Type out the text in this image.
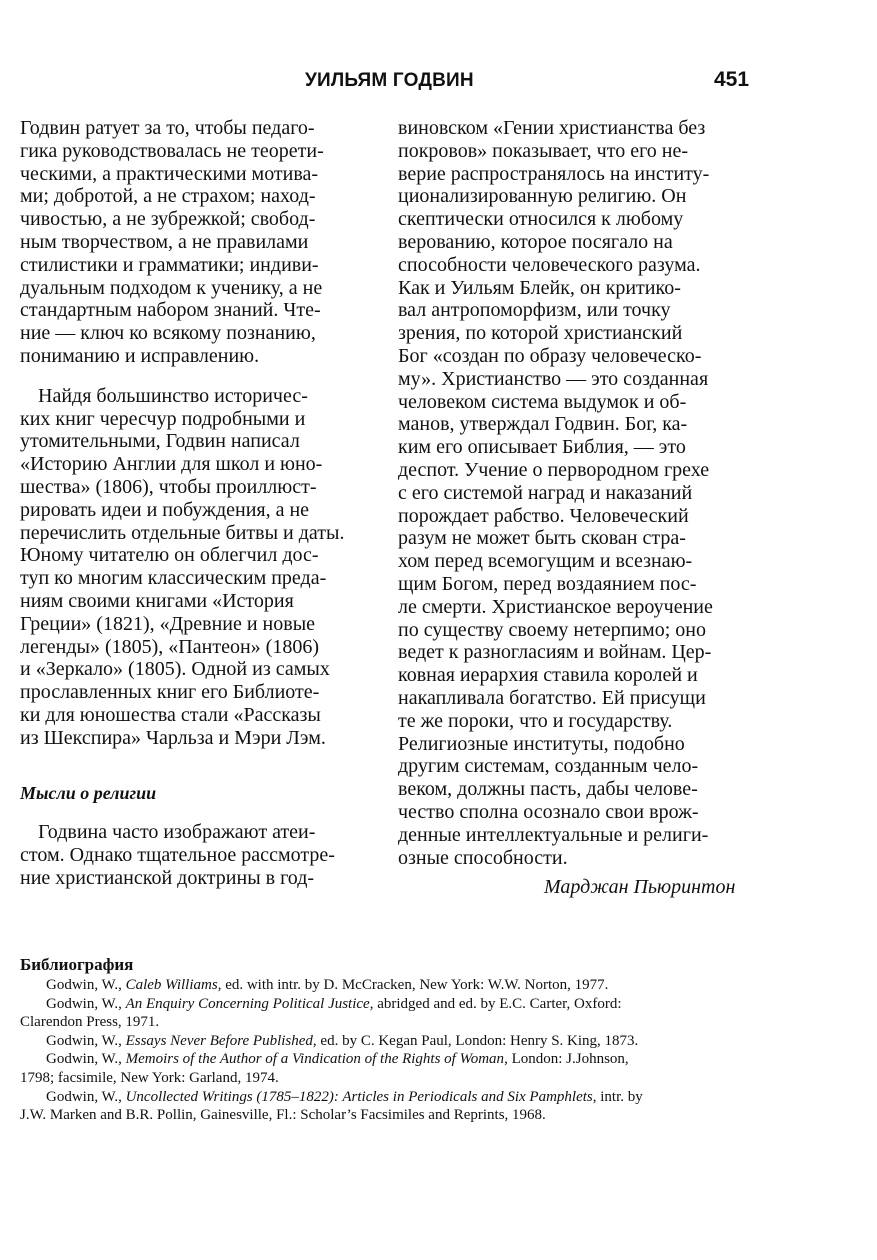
УИЛЬЯМ ГОДВИН	451
Годвин ратует за то, чтобы педаго-
гика руководствовалась не теорети-
ческими, а практическими мотива-
ми; добротой, а не страхом; наход-
чивостью, а не зубрежкой; свобод-
ным творчеством, а не правилами
стилистики и грамматики; индиви-
дуальным подходом к ученику, а не
стандартным набором знаний. Чте-
ние — ключ ко всякому познанию,
пониманию и исправлению.
Найдя большинство историчес-
ких книг чересчур подробными и
утомительными, Годвин написал
«Историю Англии для школ и юно-
шества» (1806), чтобы проиллюст-
рировать идеи и побуждения, а не
перечислить отдельные битвы и даты.
Юному читателю он облегчил дос-
туп ко многим классическим преда-
ниям своими книгами «История
Греции» (1821), «Древние и новые
легенды» (1805), «Пантеон» (1806)
и «Зеркало» (1805). Одной из самых
прославленных книг его Библиоте-
ки для юношества стали «Рассказы
из Шекспира» Чарльза и Мэри Лэм.
Мысли о религии
Годвина часто изображают атеи-
стом. Однако тщательное рассмотре-
ние христианской доктрины в год-
виновском «Гении христианства без
покровов» показывает, что его не-
верие распространялось на институ-
ционализированную религию. Он
скептически относился к любому
верованию, которое посягало на
способности человеческого разума.
Как и Уильям Блейк, он критико-
вал антропоморфизм, или точку
зрения, по которой христианский
Бог «создан по образу человеческо-
му». Христианство — это созданная
человеком система выдумок и об-
манов, утверждал Годвин. Бог, ка-
ким его описывает Библия, — это
деспот. Учение о первородном грехе
с его системой наград и наказаний
порождает рабство. Человеческий
разум не может быть скован стра-
хом перед всемогущим и всезнаю-
щим Богом, перед воздаянием пос-
ле смерти. Христианское вероучение
по существу своему нетерпимо; оно
ведет к разногласиям и войнам. Цер-
ковная иерархия ставила королей и
накапливала богатство. Ей присущи
те же пороки, что и государству.
Религиозные институты, подобно
другим системам, созданным чело-
веком, должны пасть, дабы челове-
чество сполна осознало свои врож-
денные интеллектуальные и религи-
озные способности.
Марджан Пьюринтон
Библиография
Godwin, W., Caleb Williams, ed. with intr. by D. McCracken, New York: W.W. Norton, 1977.
Godwin, W., An Enquiry Concerning Political Justice, abridged and ed. by E.C. Carter, Oxford:
Clarendon Press, 1971.
Godwin, W., Essays Never Before Published, ed. by C. Kegan Paul, London: Henry S. King, 1873.
Godwin, W., Memoirs of the Author of a Vindication of the Rights of Woman, London: J.Johnson,
1798; facsimile, New York: Garland, 1974.
Godwin, W., Uncollected Writings (1785–1822): Articles in Periodicals and Six Pamphlets, intr. by
J.W. Marken and B.R. Pollin, Gainesville, Fl.: Scholar’s Facsimiles and Reprints, 1968.
